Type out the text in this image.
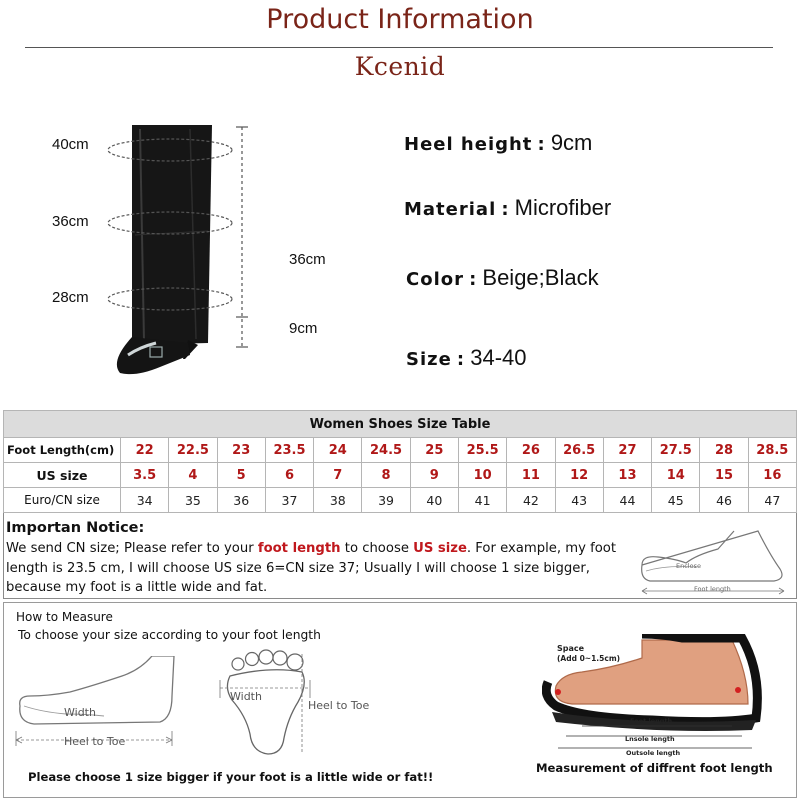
Product Information
Kcenid
40cm
36cm
28cm
36cm
9cm
Heel height : 9cm
Material : Microfiber
Color : Beige;Black
Size : 34-40
Women Shoes Size Table														
Foot Length(cm)	22	22.5	23	23.5	24	24.5	25	25.5	26	26.5	27	27.5	28	28.5
US size	3.5	4	5	6	7	8	9	10	11	12	13	14	15	16
Euro/CN size	34	35	36	37	38	39	40	41	42	43	44	45	46	47
Importan Notice:
We send CN size; Please refer to your foot length to choose US size. For example, my foot length is 23.5 cm, I will choose US size 6=CN size 37; Usually I will choose 1 size bigger, because my foot is a little wide and fat.
Enclose
Foot length
How to Measure
To choose your size according to your foot length
Width
Heel to Toe
Width
Heel to Toe
Space
(Add 0~1.5cm)
Foot length
Lnsole length
Outsole length
Measurement of diffrent foot length
Please choose 1 size bigger if your foot is a little wide or fat!!
